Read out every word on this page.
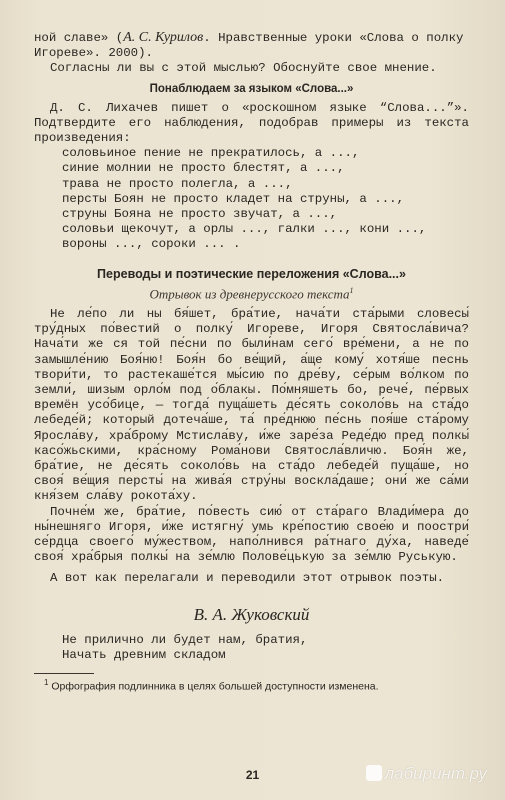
ной славе» (А. С. Курилов. Нравственные уроки «Слова о полку Игореве». 2000).

Согласны ли вы с этой мыслью? Обоснуйте свое мнение.

Понаблюдаем за языком «Слова...»

Д. С. Лихачев пишет о «роскошном языке “Слова...”». Подтвердите его наблюдения, подобрав примеры из текста произведения:

соловьиное пение не прекратилось, а ...,

синие молнии не просто блестят, а ...,

трава не просто полегла, а ...,

персты Боян не просто кладет на струны, а ...,

струны Бояна не просто звучат, а ...,

соловьи щекочут, а орлы ..., галки ..., кони ..., вороны ..., сороки ... .

Переводы и поэтические переложения «Слова...»
Отрывок из древнерусского текста$^1$

Не ле́по ли ны бя́шет, бра́тие, нача́ти ста́рыми словесы́ тру́дных по́вестий о полку́ Игореве, Игоря Святосла́вича? Нача́ти же ся той пе́сни по были́нам сего́ вре́мени, а не по замышле́нию Боя́ню! Боя́н бо ве́щий, а́ще кому́ хотя́ше песнь твори́ти, то растекаше́тся мы́сию по дре́ву, се́рым во́лком по земли́, шизым орло́м под о́блакы. По́мняшеть бо, рече́, пе́рвых времён усо́бице, — тогда́ пуща́шеть де́сять соколо́вь на ста́до лебеде́й; который дотеча́ше, та́ пре́днюю пе́снь поя́ше ста́рому Яросла́ву, хра́брому Мстисла́ву, и́же заре́за Реде́дю пред полкы́ касо́жьскими, кра́сному Рома́нови Святосла́вличю. Боя́н же, бра́тие, не де́сять соколо́вь на ста́до лебеде́й пуща́ше, но своя́ ве́щия персты́ на жива́я стру́ны воскла́даше; они́ же са́ми кня́зем сла́ву рокота́ху.

Почне́м же, бра́тие, по́весть сию́ от ста́раго Влади́мера до ны́нешняго Игоря, и́же истягну́ умь кре́постию свое́ю и поостри́ се́рдца своего́ му́жеством, напо́лнився ра́тнаго ду́ха, наведе́ своя́ хра́брыя полкы́ на зе́млю Полове́цькую за зе́млю Руськую.

А вот как перелагали и переводили этот отрывок поэты.

В. А. Жуковский

Не прилично ли будет нам, братия,

Начать древним складом

$^1$ Орфография подлинника в целях большей доступности изменена.
21	лабиринт.ру
